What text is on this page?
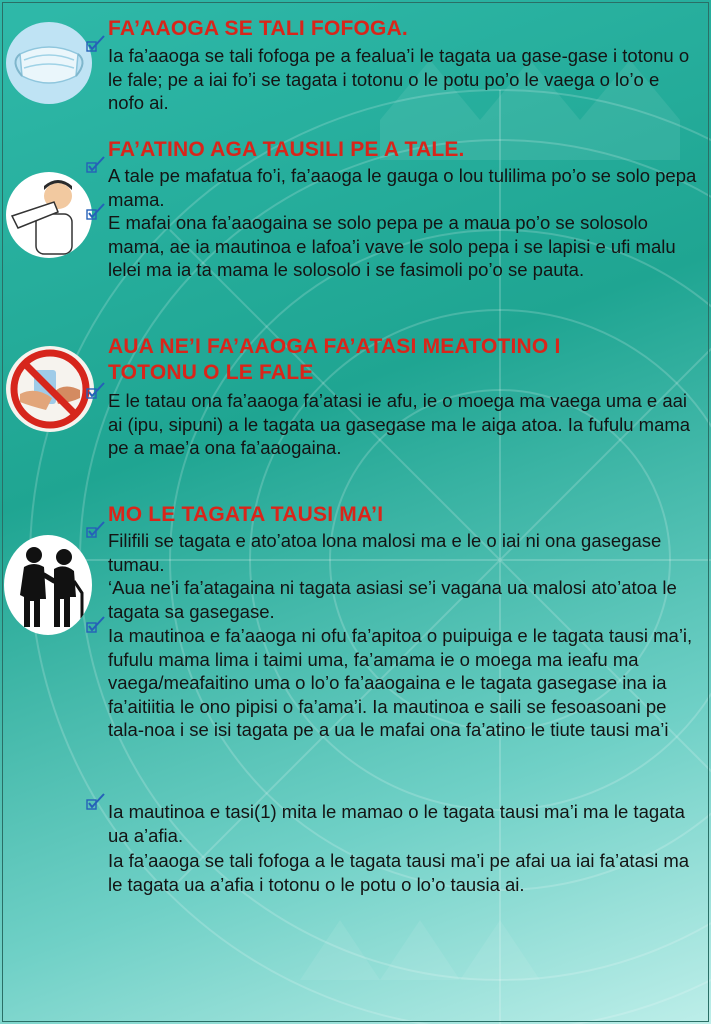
FA’AAOGA SE TALI FOFOGA.

Ia fa’aaoga se tali fofoga pe a fealua’i le tagata ua gase-gase i totonu o le fale; pe a iai fo’i se tagata i totonu o le potu po’o le vaega o lo’o e nofo ai.

FA’ATINO AGA TAUSILI PE A TALE.

A tale pe mafatua fo’i, fa’aaoga le gauga o lou tulilima po’o se solo pepa mama.

E mafai ona fa’aaogaina se solo pepa pe a maua po’o se solosolo mama, ae ia mautinoa e lafoa’i vave le solo pepa i se lapisi e ufi malu lelei ma ia ta mama le solosolo i se fasimoli po’o se pauta.

AUA NE’I FA’AAOGA FA’ATASI MEATOTINO I TOTONU O LE FALE

E le tatau ona fa’aaoga fa’atasi ie afu, ie o moega ma vaega uma e aai ai (ipu, sipuni) a le tagata ua gasegase ma le aiga atoa. Ia fufulu mama pe a mae’a ona fa’aaogaina.

MO LE TAGATA TAUSI MA’I

Filifili se tagata e ato’atoa lona malosi ma e le o iai ni ona gasegase tumau.

‘Aua ne’i fa’atagaina ni tagata asiasi se’i vagana ua malosi ato’atoa le tagata sa gasegase.

Ia mautinoa e fa’aaoga ni ofu fa’apitoa o puipuiga e le tagata tausi ma’i, fufulu mama lima i taimi uma, fa’amama ie o moega ma ieafu ma vaega/meafaitino uma o lo’o fa’aaogaina e le tagata gasegase ina ia fa’aitiitia le ono pipisi o fa’ama’i. Ia mautinoa e saili se fesoasoani pe tala-noa i se isi tagata pe a ua le mafai ona fa’atino le tiute tausi ma’i

Ia mautinoa e tasi(1) mita le mamao o le tagata tausi ma’i ma le tagata ua a’afia.

Ia fa’aaoga se tali fofoga a le tagata tausi ma’i pe afai ua iai fa’atasi ma le tagata ua a’afia i totonu o le potu o lo’o tausia ai.
